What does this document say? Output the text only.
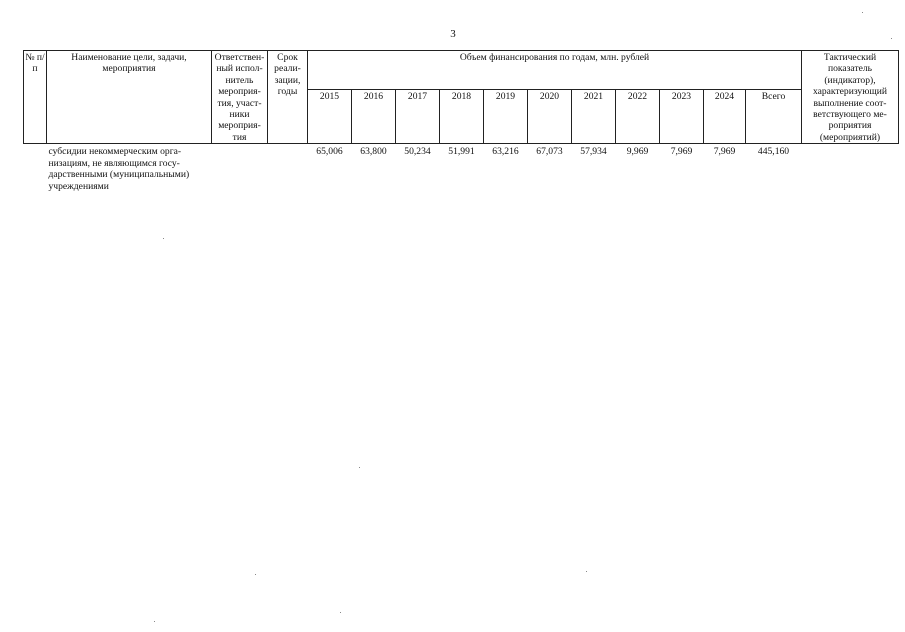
3
№ п/п	Наименование цели, задачи, мероприятия	Ответствен-ный испол-нитель мероприя-тия, участ-ники мероприя-тия	Срок реали-зации, годы	Объем финансирования по годам, млн. рублей											Тактический показатель (индикатор), характеризующий выполнение соот-ветствующего ме-роприятия (мероприятий)
				2015	2016	2017	2018	2019	2020	2021	2022	2023	2024	Всего	
	субсидии некоммерческим орга-низациям, не являющимся госу-дарственными (муниципальными) учреждениями			65,006	63,800	50,234	51,991	63,216	67,073	57,934	9,969	7,969	7,969	445,160	
